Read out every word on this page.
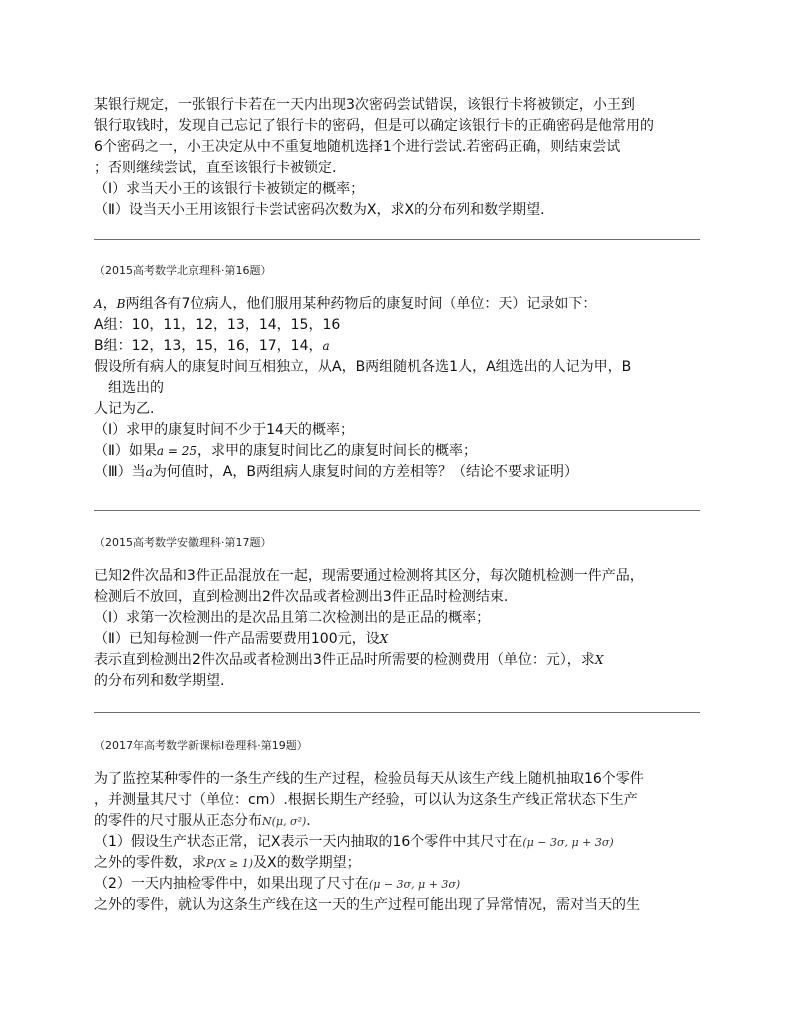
某银行规定，一张银行卡若在一天内出现3次密码尝试错误，该银行卡将被锁定，小王到

银行取钱时，发现自己忘记了银行卡的密码，但是可以确定该银行卡的正确密码是他常用的

6个密码之一，小王决定从中不重复地随机选择1个进行尝试.若密码正确，则结束尝试

；否则继续尝试，直至该银行卡被锁定.

（Ⅰ）求当天小王的该银行卡被锁定的概率；

（Ⅱ）设当天小王用该银行卡尝试密码次数为X，求X的分布列和数学期望.

（2015高考数学北京理科·第16题）

A，B两组各有7位病人，他们服用某种药物后的康复时间（单位：天）记录如下：

A组：10，11，12，13，14，15，16

B组：12，13，15，16，17，14，a

假设所有病人的康复时间互相独立，从A，B两组随机各选1人，A组选出的人记为甲，B

组选出的

人记为乙.

（Ⅰ）求甲的康复时间不少于14天的概率；

（Ⅱ）如果a = 25，求甲的康复时间比乙的康复时间长的概率；

（Ⅲ）当a为何值时，A，B两组病人康复时间的方差相等？（结论不要求证明）

（2015高考数学安徽理科·第17题）

已知2件次品和3件正品混放在一起，现需要通过检测将其区分，每次随机检测一件产品，

检测后不放回，直到检测出2件次品或者检测出3件正品时检测结束.

（Ⅰ）求第一次检测出的是次品且第二次检测出的是正品的概率；

（Ⅱ）已知每检测一件产品需要费用100元，设X

表示直到检测出2件次品或者检测出3件正品时所需要的检测费用（单位：元），求X

的分布列和数学期望.

（2017年高考数学新课标Ⅰ卷理科·第19题）

为了监控某种零件的一条生产线的生产过程，检验员每天从该生产线上随机抽取16个零件

，并测量其尺寸（单位：cm）.根据长期生产经验，可以认为这条生产线正常状态下生产

的零件的尺寸服从正态分布N(μ, σ²).

（1）假设生产状态正常，记X表示一天内抽取的16个零件中其尺寸在(μ − 3σ, μ + 3σ)

之外的零件数，求P(X ≥ 1)及X的数学期望；

（2）一天内抽检零件中，如果出现了尺寸在(μ − 3σ, μ + 3σ)

之外的零件，就认为这条生产线在这一天的生产过程可能出现了异常情况，需对当天的生
